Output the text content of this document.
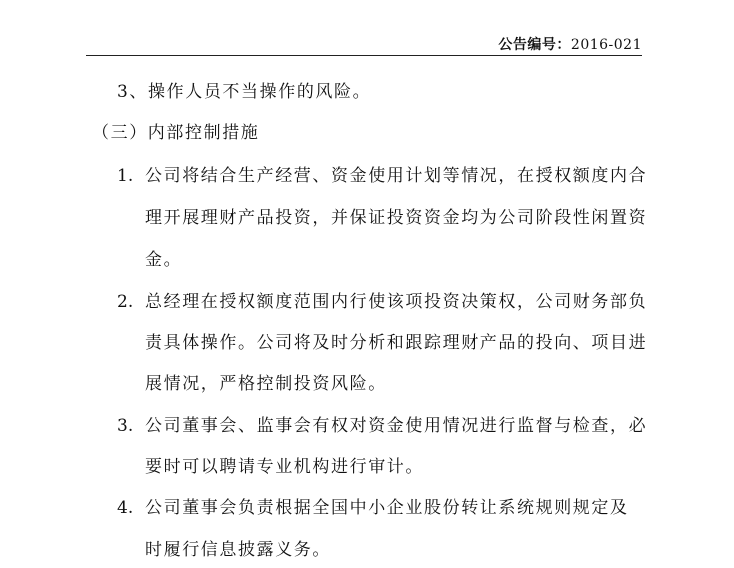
公告编号：2016-021
3、操作人员不当操作的风险。
（三）内部控制措施
1. 公司将结合生产经营、资金使用计划等情况，在授权额度内合
理开展理财产品投资，并保证投资资金均为公司阶段性闲置资
金。
2. 总经理在授权额度范围内行使该项投资决策权，公司财务部负
责具体操作。公司将及时分析和跟踪理财产品的投向、项目进
展情况，严格控制投资风险。
3. 公司董事会、监事会有权对资金使用情况进行监督与检查，必
要时可以聘请专业机构进行审计。
4. 公司董事会负责根据全国中小企业股份转让系统规则规定及
时履行信息披露义务。
